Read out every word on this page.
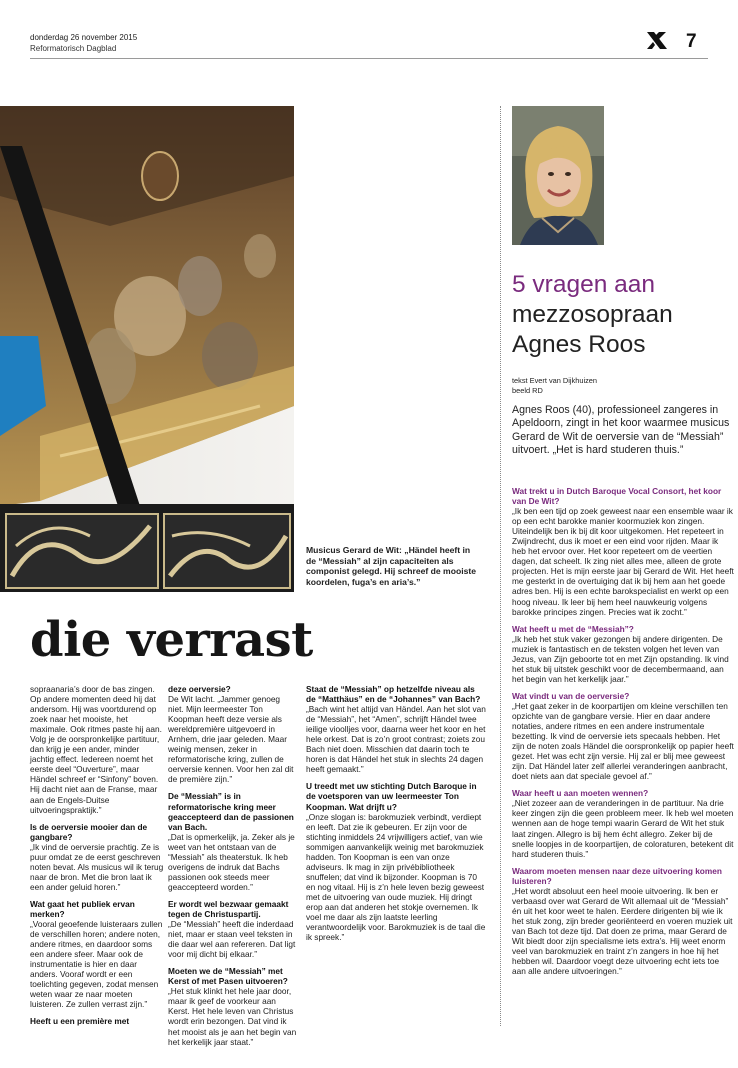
donderdag 26 november 2015
Reformatorisch Dagblad	7
Musicus Gerard de Wit: „Händel heeft in de “Messiah” al zijn capaciteiten als componist gelegd. Hij schreef de mooiste koordelen, fuga’s en aria’s.”
die verrast

sopraanaria’s door de bas zingen. Op andere momenten deed hij dat andersom. Hij was voortdurend op zoek naar het mooiste, het maximale. Ook ritmes paste hij aan. Volg je de oorspronkelijke partituur, dan krijg je een ander, minder jachtig effect. Iedereen noemt het eerste deel “Ouverture”, maar Händel schreef er “Sinfony” boven. Hij dacht niet aan de Franse, maar aan de Engels-Duitse uitvoeringspraktijk.”

Is de oerversie mooier dan de gangbare?

„Ik vind de oerversie prachtig. Ze is puur omdat ze de eerst geschreven noten bevat. Als musicus wil ik terug naar de bron. Met die bron laat ik een ander geluid horen.”

Wat gaat het publiek ervan merken?

„Vooral geoefende luisteraars zullen de verschillen horen; andere noten, andere ritmes, en daardoor soms een andere sfeer. Maar ook de instrumentatie is hier en daar anders. Vooraf wordt er een toelichting gegeven, zodat mensen weten waar ze naar moeten luisteren. Ze zullen verrast zijn.”

Heeft u een première met

deze oerversie?

De Wit lacht. „Jammer genoeg niet. Mijn leermeester Ton Koopman heeft deze versie als wereldpremière uitgevoerd in Arnhem, drie jaar geleden. Maar weinig mensen, zeker in reformatorische kring, zullen de oerversie kennen. Voor hen zal dit de première zijn.”

De “Messiah” is in reformatorische kring meer geaccepteerd dan de passionen van Bach.

„Dat is opmerkelijk, ja. Zeker als je weet van het ontstaan van de “Messiah” als theaterstuk. Ik heb overigens de indruk dat Bachs passionen ook steeds meer geaccepteerd worden.”

Er wordt wel bezwaar gemaakt tegen de Christuspartij.

„De “Messiah” heeft die inderdaad niet, maar er staan veel teksten in die daar wel aan refereren. Dat ligt voor mij dicht bij elkaar.”

Moeten we de “Messiah” met Kerst of met Pasen uitvoeren?

„Het stuk klinkt het hele jaar door, maar ik geef de voorkeur aan Kerst. Het hele leven van Christus wordt erin bezongen. Dat vind ik het mooist als je aan het begin van het kerkelijk jaar staat.”

Staat de “Messiah” op hetzelfde niveau als de “Matthäus” en de “Johannes” van Bach?

„Bach wint het altijd van Händel. Aan het slot van de “Messiah”, het “Amen”, schrijft Händel twee ieilige vioolljes voor, daarna weer het koor en het hele orkest. Dat is zo’n groot contrast; zoiets zou Bach niet doen. Misschien dat daarin toch te horen is dat Händel het stuk in slechts 24 dagen heeft gemaakt.”

U treedt met uw stichting Dutch Baroque in de voetsporen van uw leermeester Ton Koopman. Wat drijft u?

„Onze slogan is: barokmuziek verbindt, verdiept en leeft. Dat zie ik gebeuren. Er zijn voor de stichting inmiddels 24 vrijwilligers actief, van wie sommigen aanvankelijk weinig met barokmuziek hadden. Ton Koopman is een van onze adviseurs. Ik mag in zijn privébibliotheek snuffelen; dat vind ik bijzonder. Koopman is 70 en nog vitaal. Hij is z’n hele leven bezig geweest met de uitvoering van oude muziek. Hij dringt erop aan dat anderen het stokje overnemen. Ik voel me daar als zijn laatste leerling verantwoordelijk voor. Barokmuziek is de taal die ik spreek.”

5 vragen aan
mezzosopraan
Agnes Roos
tekst Evert van Dijkhuizen
beeld RD
Agnes Roos (40), professioneel zangeres in Apeldoorn, zingt in het koor waarmee musicus Gerard de Wit de oerversie van de “Messiah” uitvoert. „Het is hard studeren thuis.”

Wat trekt u in Dutch Baroque Vocal Consort, het koor van De Wit?

„Ik ben een tijd op zoek geweest naar een ensemble waar ik op een echt barokke manier koormuziek kon zingen. Uiteindelijk ben ik bij dit koor uitgekomen. Het repeteert in Zwijndrecht, dus ik moet er een eind voor rijden. Maar ik heb het ervoor over. Het koor repeteert om de veertien dagen, dat scheelt. Ik zing niet alles mee, alleen de grote projecten. Het is mijn eerste jaar bij Gerard de Wit. Het heeft me gesterkt in de overtuiging dat ik bij hem aan het goede adres ben. Hij is een echte barokspecialist en werkt op een hoog niveau. Ik leer bij hem heel nauwkeurig volgens barokke principes zingen. Precies wat ik zocht.”

Wat heeft u met de “Messiah”?

„Ik heb het stuk vaker gezongen bij andere dirigenten. De muziek is fantastisch en de teksten volgen het leven van Jezus, van Zijn geboorte tot en met Zijn opstanding. Ik vind het stuk bij uitstek geschikt voor de decembermaand, aan het begin van het kerkelijk jaar.”

Wat vindt u van de oerversie?

„Het gaat zeker in de koorpartijen om kleine verschillen ten opzichte van de gangbare versie. Hier en daar andere notaties, andere ritmes en een andere instrumentale bezetting. Ik vind de oerversie iets specaals hebben. Het zijn de noten zoals Händel die oorspronkelijk op papier heeft gezet. Het was echt zijn versie. Hij zal er blij mee geweest zijn. Dat Händel later zelf allerlei veranderingen aanbracht, doet niets aan dat speciale gevoel af.”

Waar heeft u aan moeten wennen?

„Niet zozeer aan de veranderingen in de partituur. Na drie keer zingen zijn die geen probleem meer. Ik heb wel moeten wennen aan de hoge tempi waarin Gerard de Wit het stuk laat zingen. Allegro is bij hem écht allegro. Zeker bij de snelle loopjes in de koorpartijen, de coloraturen, betekent dit hard studeren thuis.”

Waarom moeten mensen naar deze uitvoering komen luisteren?

„Het wordt absoluut een heel mooie uitvoering. Ik ben er verbaasd over wat Gerard de Wit allemaal uit de “Messiah” én uit het koor weet te halen. Eerdere dirigenten bij wie ik het stuk zong, zijn breder georiënteerd en voeren muziek uit van Bach tot deze tijd. Dat doen ze prima, maar Gerard de Wit biedt door zijn specialisme iets extra’s. Hij weet enorm veel van barokmuziek en traint z’n zangers in hoe hij het hebben wil. Daardoor voegt deze uitvoering echt iets toe aan alle andere uitvoeringen.”
